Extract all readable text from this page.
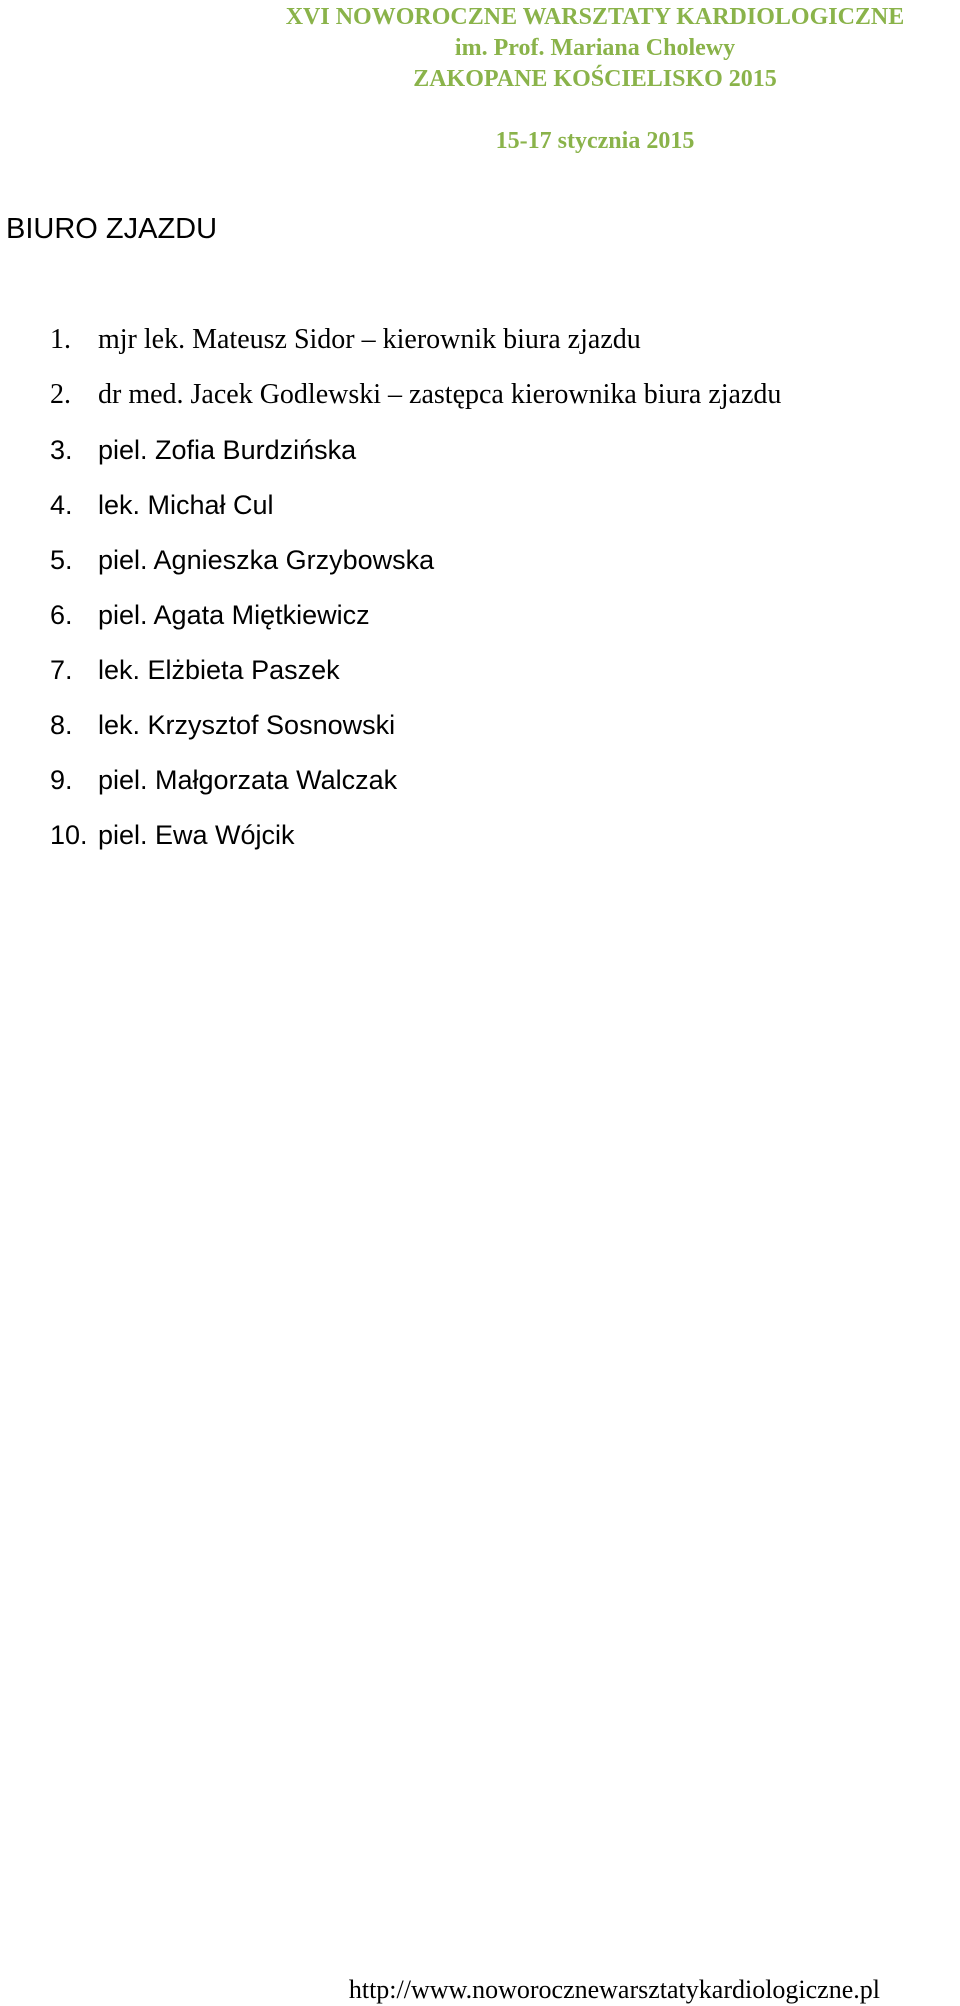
XVI NOWOROCZNE WARSZTATY KARDIOLOGICZNE
im. Prof. Mariana Cholewy
ZAKOPANE KOŚCIELISKO 2015
15-17 stycznia 2015
BIURO ZJAZDU
1. mjr lek. Mateusz Sidor – kierownik biura zjazdu
2. dr med. Jacek Godlewski – zastępca kierownika biura zjazdu
3. piel. Zofia Burdzińska
4. lek. Michał Cul
5. piel. Agnieszka Grzybowska
6. piel. Agata Miętkiewicz
7. lek. Elżbieta Paszek
8. lek. Krzysztof Sosnowski
9. piel. Małgorzata Walczak
10. piel. Ewa Wójcik
http://www.noworocznewarsztatykardiologiczne.pl
